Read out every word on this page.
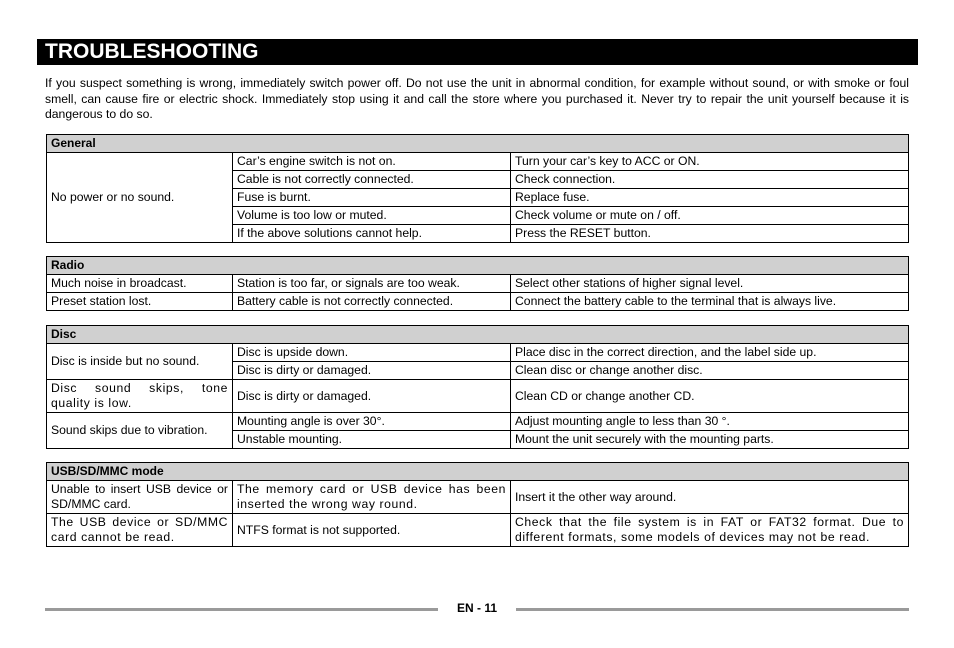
TROUBLESHOOTING
If you suspect something is wrong, immediately switch power off. Do not use the unit in abnormal condition, for example without sound, or with smoke or foul smell, can cause fire or electric shock. Immediately stop using it and call the store where you purchased it. Never try to repair the unit yourself because it is dangerous to do so.
General		
No power or no sound.	Car’s engine switch is not on.	Turn your car’s key to ACC or ON.
	Cable is not correctly connected.	Check connection.
	Fuse is burnt.	Replace fuse.
	Volume is too low or muted.	Check volume or mute on / off.
	If the above solutions cannot help.	Press the RESET button.
Radio		
Much noise in broadcast.	Station is too far, or signals are too weak.	Select other stations of higher signal level.
Preset station lost.	Battery cable is not correctly connected.	Connect the battery cable to the terminal that is always live.
Disc		
Disc is inside but no sound.	Disc is upside down.	Place disc in the correct direction, and the label side up.
	Disc is dirty or damaged.	Clean disc or change another disc.
Disc sound skips, tone quality is low.	Disc is dirty or damaged.	Clean CD or change another CD.
Sound skips due to vibration.	Mounting angle is over 30°.	Adjust mounting angle to less than 30 °.
	Unstable mounting.	Mount the unit securely with the mounting parts.
USB/SD/MMC mode		
Unable to insert USB device or SD/MMC card.	The memory card or USB device has been inserted the wrong way round.	Insert it the other way around.
The USB device or SD/MMC card cannot be read.	NTFS format is not supported.	Check that the file system is in FAT or FAT32 format. Due to different formats, some models of devices may not be read.
EN - 11
